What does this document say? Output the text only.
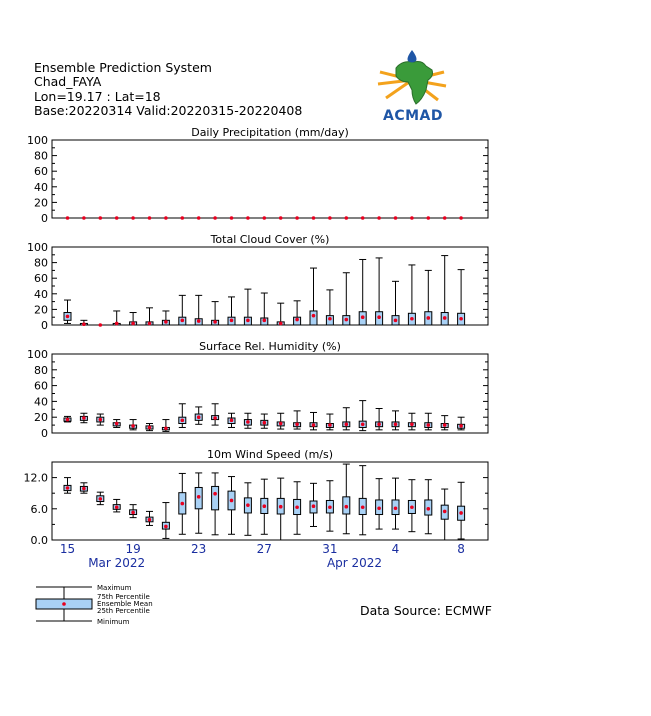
Ensemble Prediction System
Chad_FAYA
Lon=19.17 : Lat=18
Base:20220314 Valid:20220315-20220408	ACMAD
Daily Precipitation (mm/day)
0
20
40
60
80
100
Total Cloud Cover (%)
0
20
40
60
80
100
Surface Rel. Humidity (%)
0
20
40
60
80
100
10m Wind Speed (m/s)
0.0
6.0
12.0
15	19	23	27	31	4	8
Mar 2022	Apr 2022
Maximum
75th Percentile
Ensemble Mean
25th Percentile
Minimum
Data Source: ECMWF
